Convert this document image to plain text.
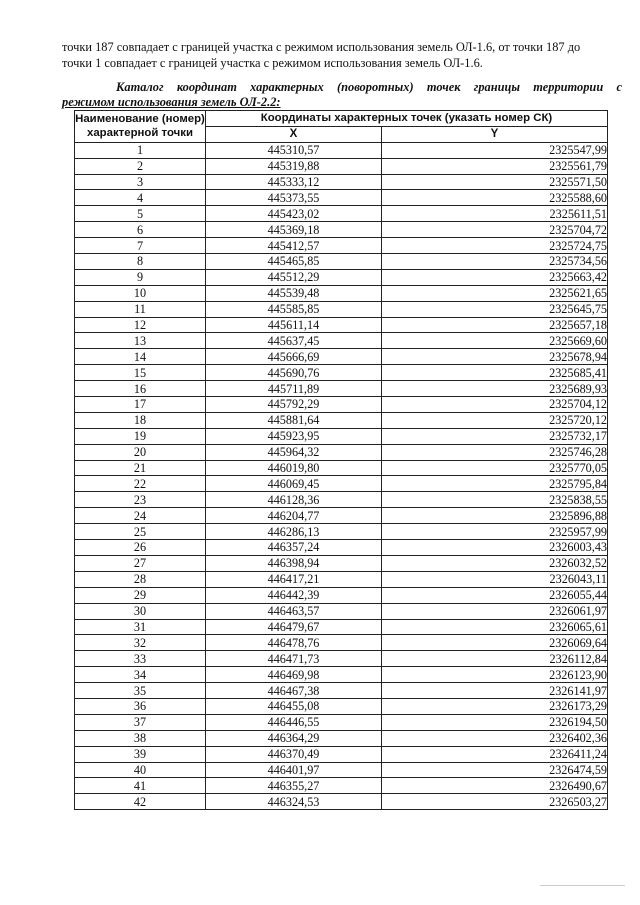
точки 187 совпадает с границей участка с режимом использования земель ОЛ-1.6, от точки 187 до

точки 1 совпадает с границей участка с режимом использования земель ОЛ-1.6.

Каталог координат характерных (поворотных) точек границы территории с
режимом использования земель ОЛ-2.2:
Наименование (номер) характерной точки	Координаты характерных точек (указать номер СК)	
	X	Y
1	445310,57	2325547,99
2	445319,88	2325561,79
3	445333,12	2325571,50
4	445373,55	2325588,60
5	445423,02	2325611,51
6	445369,18	2325704,72
7	445412,57	2325724,75
8	445465,85	2325734,56
9	445512,29	2325663,42
10	445539,48	2325621,65
11	445585,85	2325645,75
12	445611,14	2325657,18
13	445637,45	2325669,60
14	445666,69	2325678,94
15	445690,76	2325685,41
16	445711,89	2325689,93
17	445792,29	2325704,12
18	445881,64	2325720,12
19	445923,95	2325732,17
20	445964,32	2325746,28
21	446019,80	2325770,05
22	446069,45	2325795,84
23	446128,36	2325838,55
24	446204,77	2325896,88
25	446286,13	2325957,99
26	446357,24	2326003,43
27	446398,94	2326032,52
28	446417,21	2326043,11
29	446442,39	2326055,44
30	446463,57	2326061,97
31	446479,67	2326065,61
32	446478,76	2326069,64
33	446471,73	2326112,84
34	446469,98	2326123,90
35	446467,38	2326141,97
36	446455,08	2326173,29
37	446446,55	2326194,50
38	446364,29	2326402,36
39	446370,49	2326411,24
40	446401,97	2326474,59
41	446355,27	2326490,67
42	446324,53	2326503,27
